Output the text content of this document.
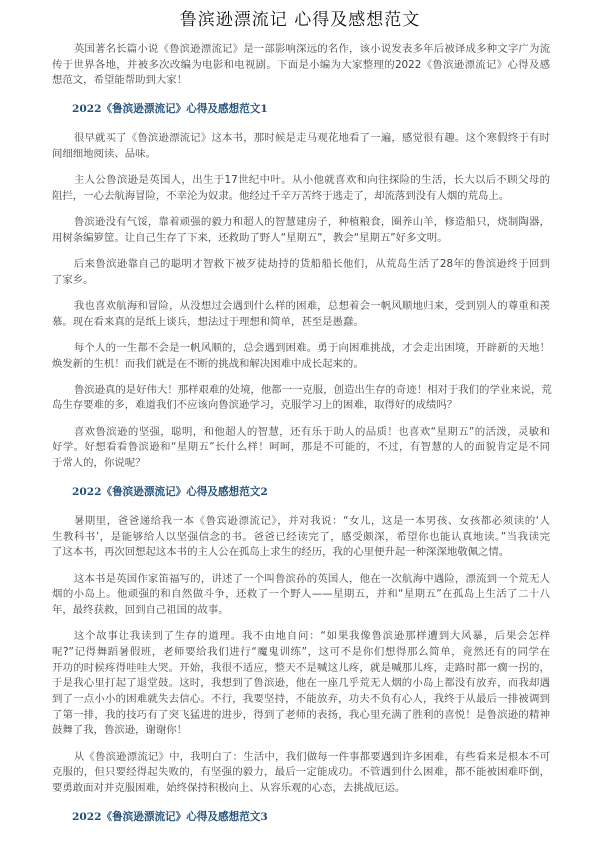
鲁滨逊漂流记 心得及感想范文
英国著名长篇小说《鲁滨逊漂流记》是一部影响深远的名作，该小说发表多年后被译成多种文字广为流
传于世界各地，并被多次改编为电影和电视剧。下面是小编为大家整理的2022《鲁滨逊漂流记》心得及感
想范文，希望能帮助到大家！
2022《鲁滨逊漂流记》心得及感想范文1
很早就买了《鲁滨逊漂流记》这本书，那时候是走马观花地看了一遍，感觉很有趣。这个寒假终于有时
间细细地阅读、品味。
主人公鲁滨逊是英国人，出生于17世纪中叶。从小他就喜欢和向往探险的生活，长大以后不顾父母的
阻拦，一心去航海冒险，不幸沦为奴隶。他经过千辛万苦终于逃走了，却流落到没有人烟的荒岛上。
鲁滨逊没有气馁，靠着顽强的毅力和超人的智慧建房子，种植粮食，圈养山羊，修造船只，烧制陶器，
用树条编箩筐。让自己生存了下来，还救助了野人“星期五”，教会“星期五”好多文明。
后来鲁滨逊靠自己的聪明才智救下被歹徒劫持的货船船长他们，从荒岛生活了28年的鲁滨逊终于回到
了家乡。
我也喜欢航海和冒险，从没想过会遇到什么样的困难，总想着会一帆风顺地归来，受到别人的尊重和羡
慕。现在看来真的是纸上谈兵，想法过于理想和简单，甚至是愚蠢。
每个人的一生都不会是一帆风顺的，总会遇到困难。勇于向困难挑战，才会走出困境，开辟新的天地！
焕发新的生机！而我们就是在不断的挑战和解决困难中成长起来的。
鲁滨逊真的是好伟大！那样艰难的处境，他都一一克服，创造出生存的奇迹！相对于我们的学业来说，荒
岛生存要难的多，难道我们不应该向鲁滨逊学习，克服学习上的困难，取得好的成绩吗？
喜欢鲁滨逊的坚强，聪明，和他超人的智慧，还有乐于助人的品质！也喜欢“星期五”的活泼，灵敏和
好学。好想看看鲁滨逊和“星期五”长什么样！呵呵，那是不可能的，不过，有智慧的人的面貌肯定是不同
于常人的，你说呢？
2022《鲁滨逊漂流记》心得及感想范文2
暑期里，爸爸递给我一本《鲁宾逊漂流记》，并对我说：“女儿，这是一本男孩、女孩都必须读的‘人
生教科书’，是能够给人以坚强信念的书。爸爸已经读完了，感受颇深，希望你也能认真地读。”当我读完
了这本书，再次回想起这本书的主人公在孤岛上求生的经历，我的心里便升起一种深深地敬佩之情。
这本书是英国作家笛福写的，讲述了一个叫鲁滨孙的英国人，他在一次航海中遇险，漂流到一个荒无人
烟的小岛上。他顽强的和自然做斗争，还救了一个野人——星期五，并和“星期五”在孤岛上生活了二十八
年，最终获救，回到自己祖国的故事。
这个故事让我读到了生存的道理。我不由地自问：“如果我像鲁滨逊那样遭到大风暴，后果会怎样
呢?”记得舞蹈暑假班，老师要给我们进行“魔鬼训练”，这可不是你们想得那么简单，竟然还有的同学在
开功的时候疼得哇哇大哭。开始，我很不适应，整天不是喊这儿疼，就是喊那儿疼，走路时都一瘸一拐的，
于是我心里打起了退堂鼓。这时，我想到了鲁滨逊，他在一座几乎荒无人烟的小岛上都没有放弃，而我却遇
到了一点小小的困难就失去信心。不行，我要坚持，不能放弃，功夫不负有心人，我终于从最后一排被调到
了第一排，我的技巧有了突飞猛进的进步，得到了老师的表扬，我心里充满了胜利的喜悦！是鲁滨逊的精神
鼓舞了我，鲁滨逊，谢谢你！
从《鲁滨逊漂流记》中，我明白了：生活中，我们做每一件事都要遇到许多困难，有些看来是根本不可
克服的，但只要经得起失败的，有坚强的毅力，最后一定能成功。不管遇到什么困难，都不能被困难吓倒，
要勇敢面对并克服困难，始终保持积极向上、从容乐观的心态，去挑战厄运。
2022《鲁滨逊漂流记》心得及感想范文3
